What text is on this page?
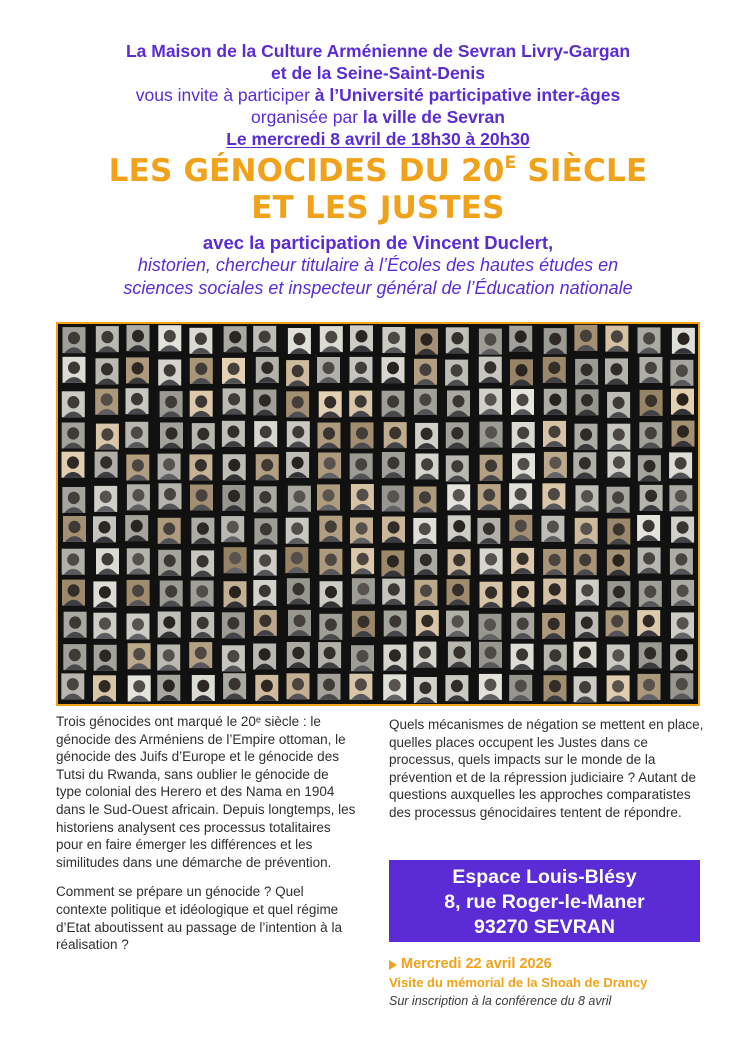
La Maison de la Culture Arménienne de Sevran Livry-Gargan

et de la Seine-Saint-Denis

vous invite à participer à l’Université participative inter-âges

organisée par la ville de Sevran

Le mercredi 8 avril de 18h30 à 20h30

LES GÉNOCIDES DU $20^E$ SIÈCLE

ET LES JUSTES

avec la participation de Vincent Duclert,

historien, chercheur titulaire à l’Écoles des hautes études en

sciences sociales et inspecteur général de l’Éducation nationale

Trois génocides ont marqué le 20ᵉ siècle : le génocide des Arméniens de l’Empire ottoman, le génocide des Juifs d’Europe et le génocide des Tutsi du Rwanda, sans oublier le génocide de type colonial des Herero et des Nama en 1904 dans le Sud-Ouest africain. Depuis longtemps, les historiens analysent ces processus totalitaires pour en faire émerger les différences et les similitudes dans une démarche de prévention.

Comment se prépare un génocide ? Quel contexte politique et idéologique et quel régime d’Etat aboutissent au passage de l’intention à la réalisation ?

Quels mécanismes de négation se mettent en place, quelles places occupent les Justes dans ce processus, quels impacts sur le monde de la prévention et de la répression judiciaire ? Autant de questions auxquelles les approches comparatistes des processus génocidaires tentent de répondre.

Espace Louis-Blésy
8, rue Roger-le-Maner
93270 SEVRAN
Mercredi 22 avril 2026
Visite du mémorial de la Shoah de Drancy
Sur inscription à la conférence du 8 avril
